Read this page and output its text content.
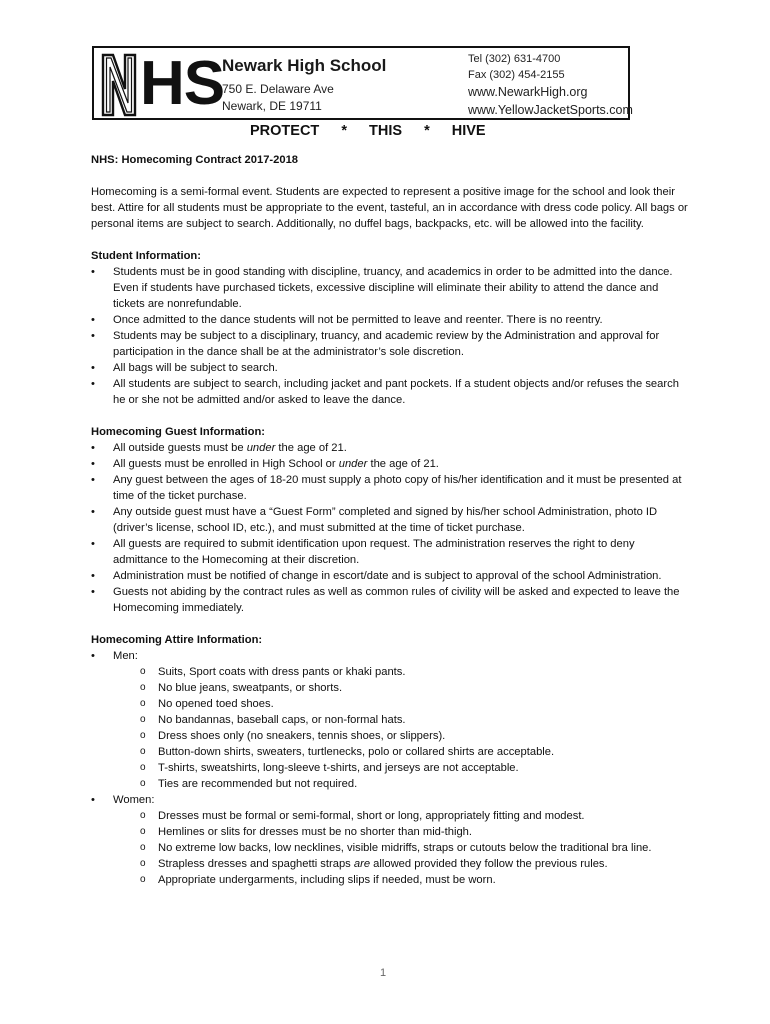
HS
Newark High School
750 E. Delaware Ave
Newark, DE 19711
Tel (302) 631-4700
Fax (302) 454-2155
www.NewarkHigh.org
www.YellowJacketSports.com
PROTECT * THIS * HIVE

NHS: Homecoming Contract 2017-2018

Homecoming is a semi-formal event. Students are expected to represent a positive image for the school and look their best. Attire for all students must be appropriate to the event, tasteful, an in accordance with dress code policy. All bags or personal items are subject to search. Additionally, no duffel bags, backpacks, etc. will be allowed into the facility.

Student Information:

• Students must be in good standing with discipline, truancy, and academics in order to be admitted into the dance. Even if students have purchased tickets, excessive discipline will eliminate their ability to attend the dance and tickets are nonrefundable.
• Once admitted to the dance students will not be permitted to leave and reenter. There is no reentry.
• Students may be subject to a disciplinary, truancy, and academic review by the Administration and approval for participation in the dance shall be at the administrator’s sole discretion.
• All bags will be subject to search.
• All students are subject to search, including jacket and pant pockets. If a student objects and/or refuses the search he or she not be admitted and/or asked to leave the dance.

Homecoming Guest Information:

• All outside guests must be under the age of 21.
• All guests must be enrolled in High School or under the age of 21.
• Any guest between the ages of 18-20 must supply a photo copy of his/her identification and it must be presented at time of the ticket purchase.
• Any outside guest must have a “Guest Form” completed and signed by his/her school Administration, photo ID (driver’s license, school ID, etc.), and must submitted at the time of ticket purchase.
• All guests are required to submit identification upon request. The administration reserves the right to deny admittance to the Homecoming at their discretion.
• Administration must be notified of change in escort/date and is subject to approval of the school Administration.
• Guests not abiding by the contract rules as well as common rules of civility will be asked and expected to leave the Homecoming immediately.

Homecoming Attire Information:

• Men:
o Suits, Sport coats with dress pants or khaki pants.
o No blue jeans, sweatpants, or shorts.
o No opened toed shoes.
o No bandannas, baseball caps, or non-formal hats.
o Dress shoes only (no sneakers, tennis shoes, or slippers).
o Button-down shirts, sweaters, turtlenecks, polo or collared shirts are acceptable.
o T-shirts, sweatshirts, long-sleeve t-shirts, and jerseys are not acceptable.
o Ties are recommended but not required.
• Women:
o Dresses must be formal or semi-formal, short or long, appropriately fitting and modest.
o Hemlines or slits for dresses must be no shorter than mid-thigh.
o No extreme low backs, low necklines, visible midriffs, straps or cutouts below the traditional bra line.
o Strapless dresses and spaghetti straps are allowed provided they follow the previous rules.
o Appropriate undergarments, including slips if needed, must be worn.
1
